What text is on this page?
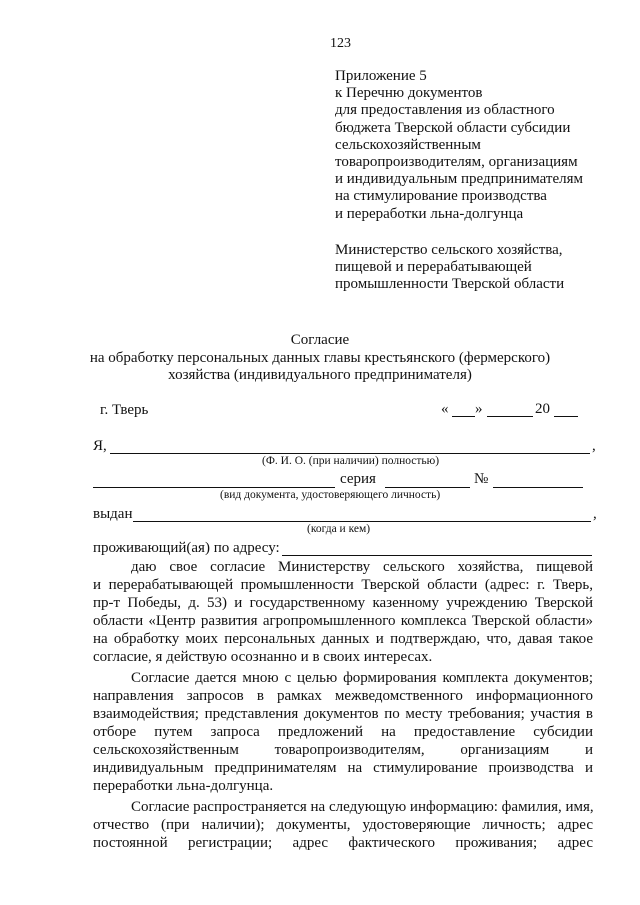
123
Приложение 5
к Перечню документов
для предоставления из областного
бюджета Тверской области субсидии
сельскохозяйственным
товаропроизводителям, организациям
и индивидуальным предпринимателям
на стимулирование производства
и переработки льна-долгунца
Министерство сельского хозяйства,
пищевой и перерабатывающей
промышленности Тверской области
Согласие
на обработку персональных данных главы крестьянского (фермерского)
хозяйства (индивидуального предпринимателя)
г. Тверь	« »	20
Я,	,
(Ф. И. О. (при наличии) полностью)
серия	№
(вид документа, удостоверяющего личность)
выдан	,
(когда и кем)
проживающий(ая) по адресу:
даю свое согласие Министерству сельского хозяйства, пищевой
и перерабатывающей промышленности Тверской области (адрес: г. Тверь,
пр-т Победы, д. 53) и государственному казенному учреждению Тверской
области «Центр развития агропромышленного комплекса Тверской области»
на обработку моих персональных данных и подтверждаю, что, давая такое
согласие, я действую осознанно и в своих интересах.
Согласие дается мною с целью формирования комплекта документов;
направления запросов в рамках межведомственного информационного
взаимодействия; представления документов по месту требования; участия в
отборе путем запроса предложений на предоставление субсидии
сельскохозяйственным товаропроизводителям, организациям и
индивидуальным предпринимателям на стимулирование производства и
переработки льна-долгунца.
Согласие распространяется на следующую информацию: фамилия, имя,
отчество (при наличии); документы, удостоверяющие личность; адрес
постоянной регистрации; адрес фактического проживания; адрес
